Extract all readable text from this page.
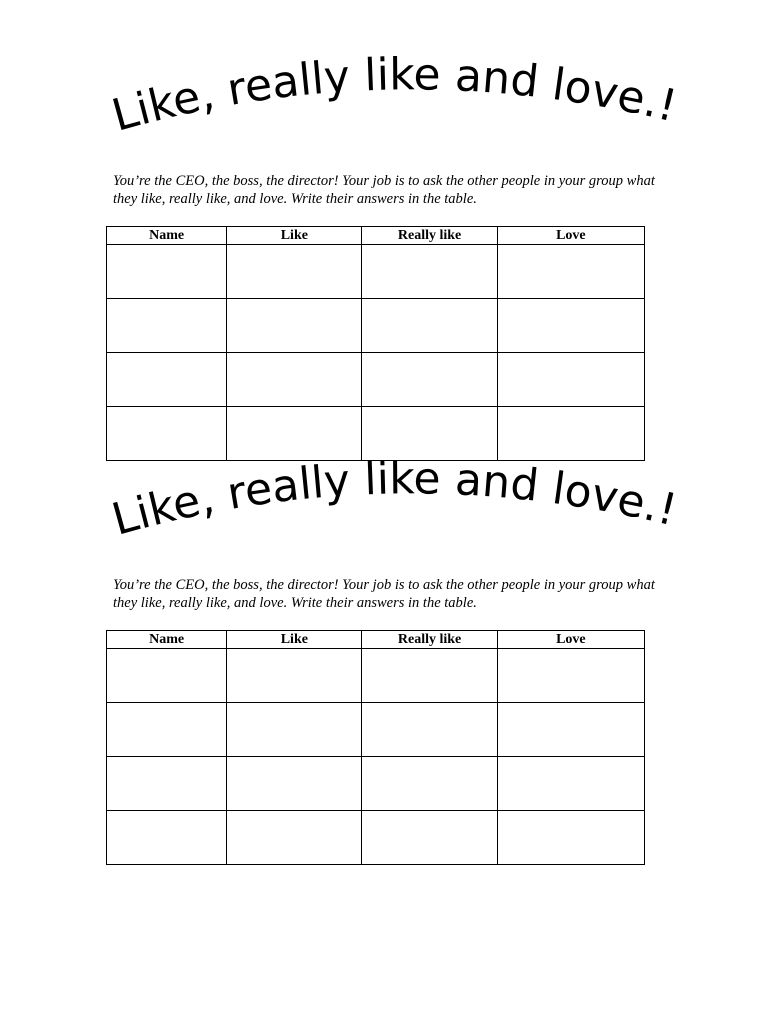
Like, really like and love.!

You’re the CEO, the boss, the director! Your job is to ask the other people in your group what they like, really like, and love. Write their answers in the table.

Name	Like	Really like	Love

Like, really like and love.!

You’re the CEO, the boss, the director! Your job is to ask the other people in your group what they like, really like, and love. Write their answers in the table.

Name	Like	Really like	Love
